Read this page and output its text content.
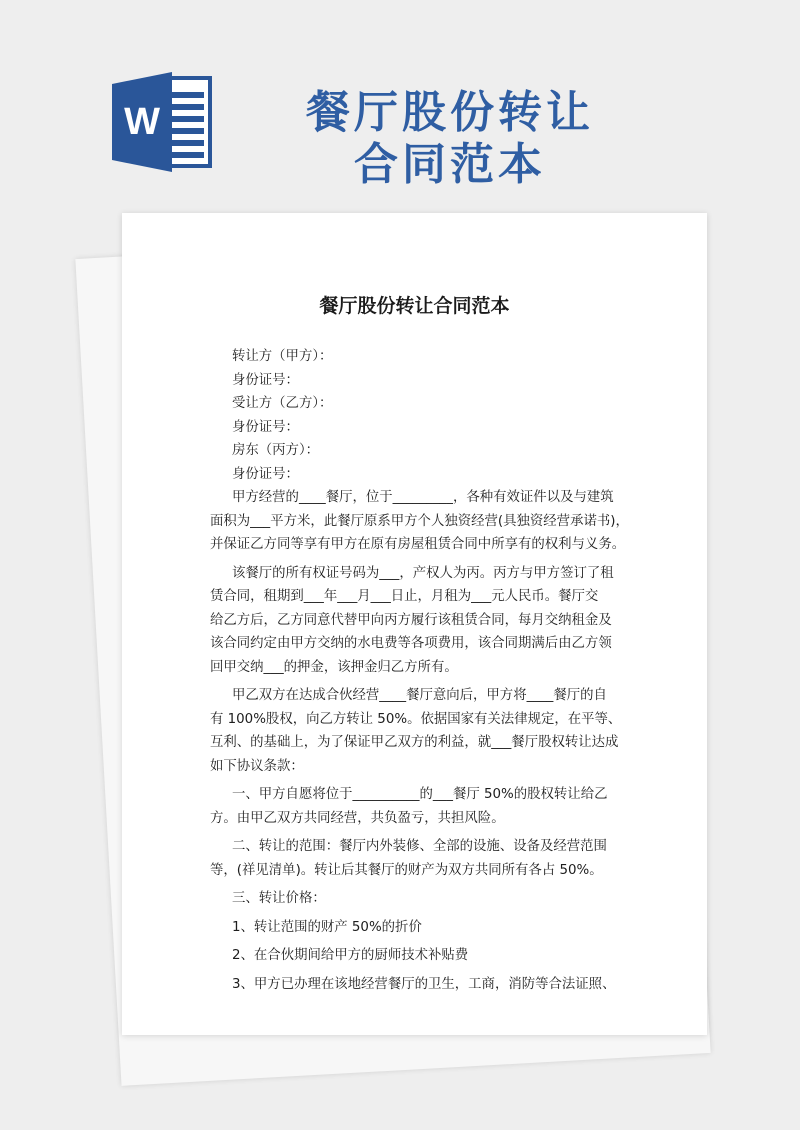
W	餐厅股份转让
合同范本
餐厅股份转让合同范本
转让方（甲方）：
身份证号：
受让方（乙方）：
身份证号：
房东（丙方）：
身份证号：
甲方经营的____餐厅，位于_________，各种有效证件以及与建筑
面积为___平方米，此餐厅原系甲方个人独资经营(具独资经营承诺书)，
并保证乙方同等享有甲方在原有房屋租赁合同中所享有的权利与义务。
该餐厅的所有权证号码为___，产权人为丙。丙方与甲方签订了租
赁合同，租期到___年___月___日止，月租为___元人民币。餐厅交
给乙方后，乙方同意代替甲向丙方履行该租赁合同，每月交纳租金及
该合同约定由甲方交纳的水电费等各项费用，该合同期满后由乙方领
回甲交纳___的押金，该押金归乙方所有。
甲乙双方在达成合伙经营____餐厅意向后，甲方将____餐厅的自
有 100%股权，向乙方转让 50%。依据国家有关法律规定，在平等、
互利、的基础上，为了保证甲乙双方的利益，就___餐厅股权转让达成
如下协议条款：
一、甲方自愿将位于__________的___餐厅 50%的股权转让给乙
方。由甲乙双方共同经营，共负盈亏，共担风险。
二、转让的范围：餐厅内外装修、全部的设施、设备及经营范围
等，(祥见清单)。转让后其餐厅的财产为双方共同所有各占 50%。
三、转让价格：
1、转让范围的财产 50%的折价
2、在合伙期间给甲方的厨师技术补贴费
3、甲方已办理在该地经营餐厅的卫生，工商，消防等合法证照、
